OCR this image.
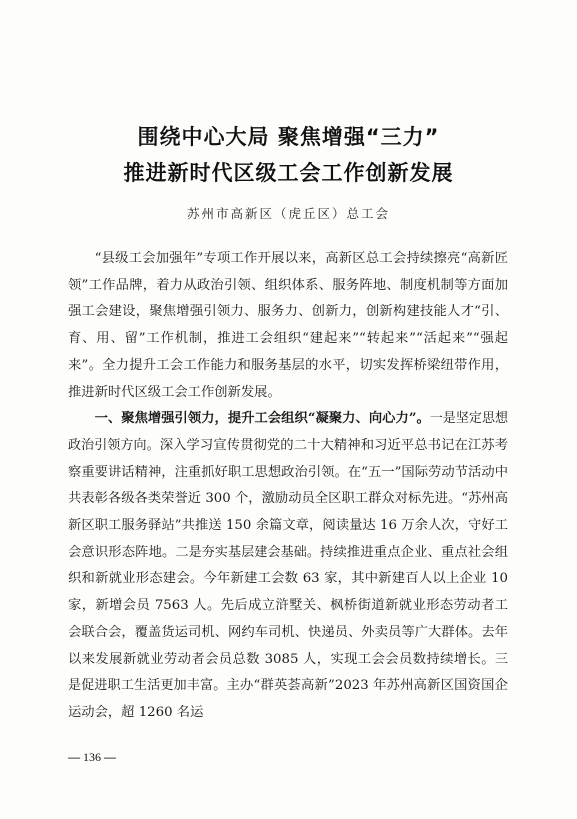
围绕中心大局 聚焦增强“三力”
推进新时代区级工会工作创新发展
苏州市高新区（虎丘区）总工会

“县级工会加强年”专项工作开展以来，高新区总工会持续擦亮“高新匠领”工作品牌，着力从政治引领、组织体系、服务阵地、制度机制等方面加强工会建设，聚焦增强引领力、服务力、创新力，创新构建技能人才“引、育、用、留”工作机制，推进工会组织“建起来”“转起来”“活起来”“强起来”。全力提升工会工作能力和服务基层的水平，切实发挥桥梁纽带作用，推进新时代区级工会工作创新发展。

一、聚焦增强引领力，提升工会组织“凝聚力、向心力”。一是坚定思想政治引领方向。深入学习宣传贯彻党的二十大精神和习近平总书记在江苏考察重要讲话精神，注重抓好职工思想政治引领。在“五一”国际劳动节活动中共表彰各级各类荣誉近 300 个，激励动员全区职工群众对标先进。“苏州高新区职工服务驿站”共推送 150 余篇文章，阅读量达 16 万余人次，守好工会意识形态阵地。二是夯实基层建会基础。持续推进重点企业、重点社会组织和新就业形态建会。今年新建工会数 63 家，其中新建百人以上企业 10 家，新增会员 7563 人。先后成立浒墅关、枫桥街道新就业形态劳动者工会联合会，覆盖货运司机、网约车司机、快递员、外卖员等广大群体。去年以来发展新就业劳动者会员总数 3085 人，实现工会会员数持续增长。三是促进职工生活更加丰富。主办“群英荟高新”2023 年苏州高新区国资国企运动会，超 1260 名运

— 136 —
